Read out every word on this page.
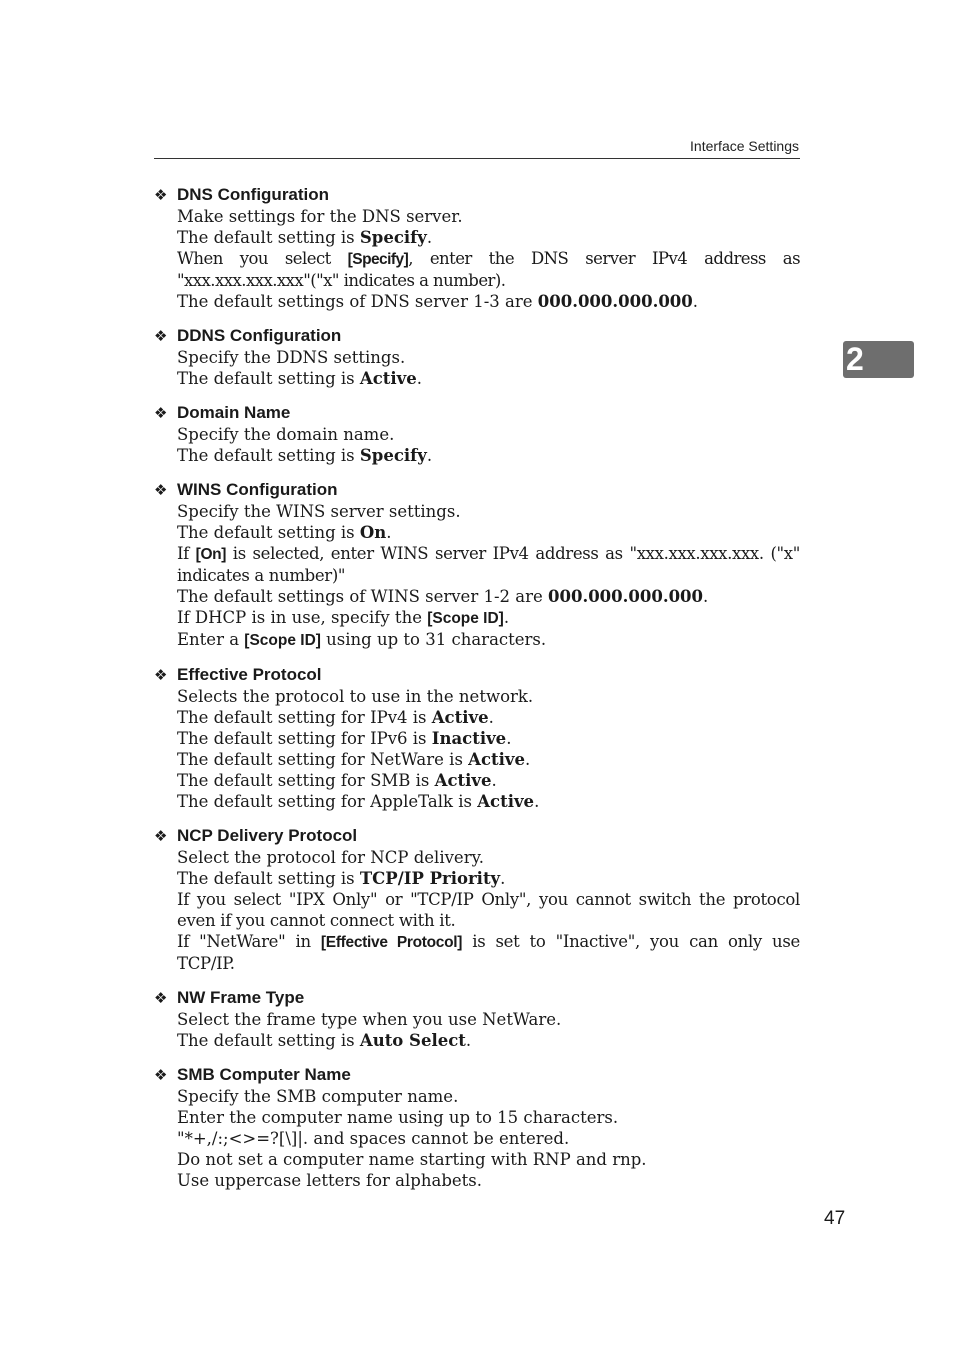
Interface Settings
2
❖ DNS Configuration

Make settings for the DNS server.

The default setting is Specify.

When you select [Specify], enter the DNS server IPv4 address as "xxx.xxx.xxx.xxx"("x" indicates a number).

The default settings of DNS server 1-3 are 000.000.000.000.

❖ DDNS Configuration

Specify the DDNS settings.

The default setting is Active.

❖ Domain Name

Specify the domain name.

The default setting is Specify.

❖ WINS Configuration

Specify the WINS server settings.

The default setting is On.

If [On] is selected, enter WINS server IPv4 address as "xxx.xxx.xxx.xxx. ("x" indicates a number)"

The default settings of WINS server 1-2 are 000.000.000.000.

If DHCP is in use, specify the [Scope ID].

Enter a [Scope ID] using up to 31 characters.

❖ Effective Protocol

Selects the protocol to use in the network.

The default setting for IPv4 is Active.

The default setting for IPv6 is Inactive.

The default setting for NetWare is Active.

The default setting for SMB is Active.

The default setting for AppleTalk is Active.

❖ NCP Delivery Protocol

Select the protocol for NCP delivery.

The default setting is TCP/IP Priority.

If you select "IPX Only" or "TCP/IP Only", you cannot switch the protocol even if you cannot connect with it.

If "NetWare" in [Effective Protocol] is set to "Inactive", you can only use TCP/IP.

❖ NW Frame Type

Select the frame type when you use NetWare.

The default setting is Auto Select.

❖ SMB Computer Name

Specify the SMB computer name.

Enter the computer name using up to 15 characters.

"*+,/:;<>=?[\]|. and spaces cannot be entered.

Do not set a computer name starting with RNP and rnp.

Use uppercase letters for alphabets.

47
